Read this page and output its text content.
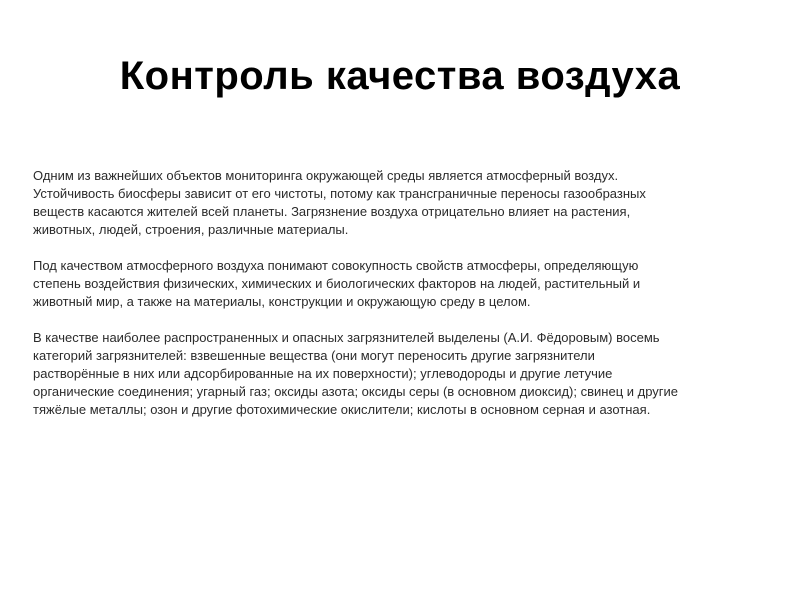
Контроль качества воздуха

Одним из важнейших объектов мониторинга окружающей среды является атмосферный воздух.
Устойчивость биосферы зависит от его чистоты, потому как трансграничные переносы газообразных
веществ касаются жителей всей планеты. Загрязнение воздуха отрицательно влияет на растения,
животных, людей, строения, различные материалы.

Под качеством атмосферного воздуха понимают совокупность свойств атмосферы, определяющую
степень воздействия физических, химических и биологических факторов на людей, растительный и
животный мир, а также на материалы, конструкции и окружающую среду в целом.

В качестве наиболее распространенных и опасных загрязнителей выделены (А.И. Фёдоровым) восемь
категорий загрязнителей: взвешенные вещества (они могут переносить другие загрязнители
растворённые в них или адсорбированные на их поверхности); углеводороды и другие летучие
органические соединения; угарный газ; оксиды азота; оксиды серы (в основном диоксид); свинец и другие
тяжёлые металлы; озон и другие фотохимические окислители; кислоты в основном серная и азотная.
